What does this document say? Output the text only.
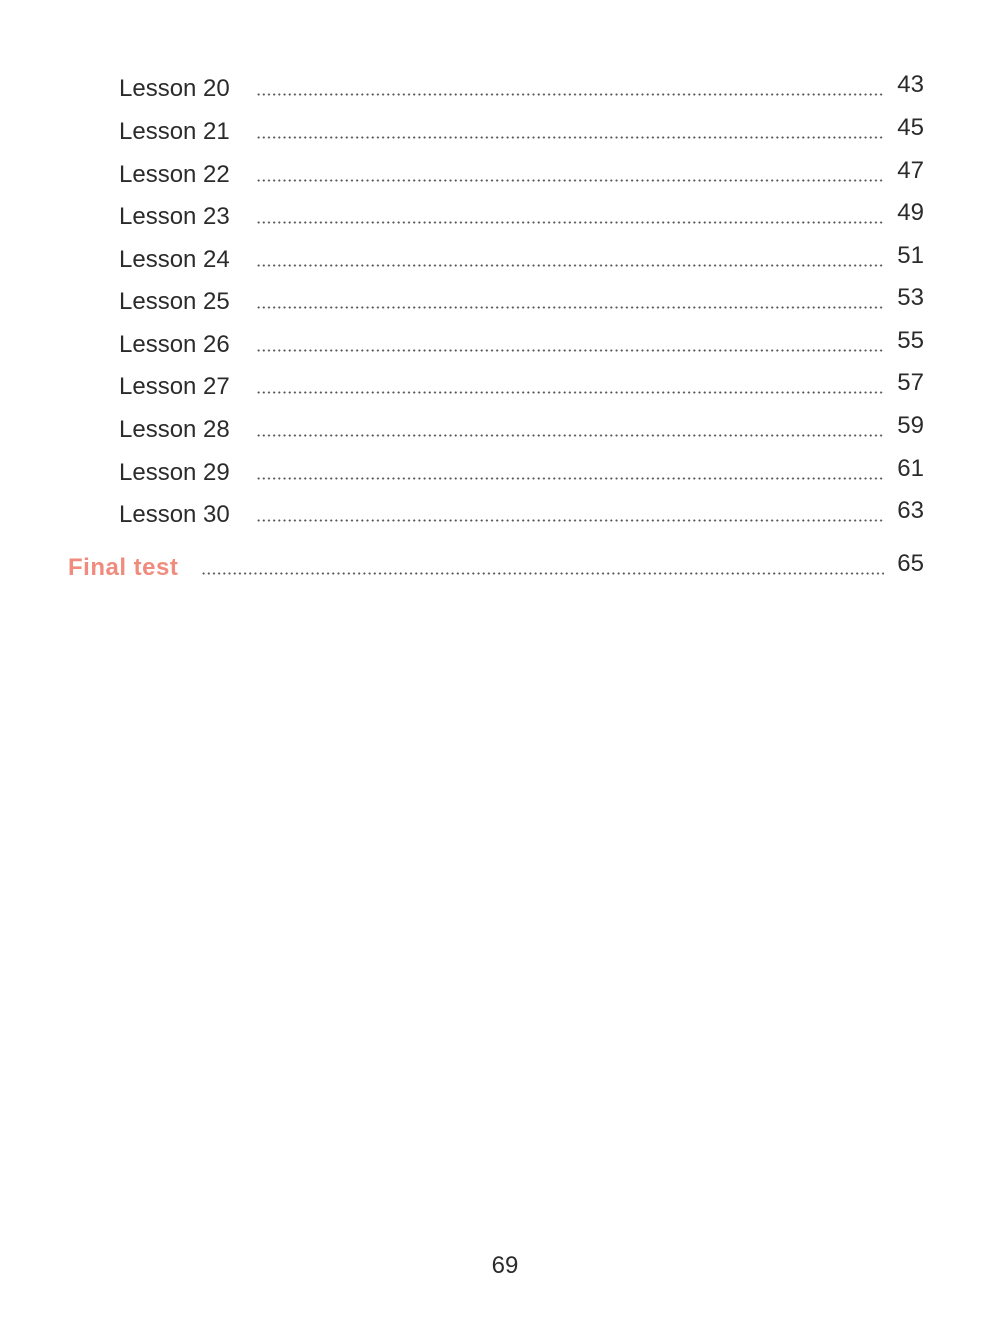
Lesson 20	43
Lesson 21	45
Lesson 22	47
Lesson 23	49
Lesson 24	51
Lesson 25	53
Lesson 26	55
Lesson 27	57
Lesson 28	59
Lesson 29	61
Lesson 30	63
Final test	65
69
